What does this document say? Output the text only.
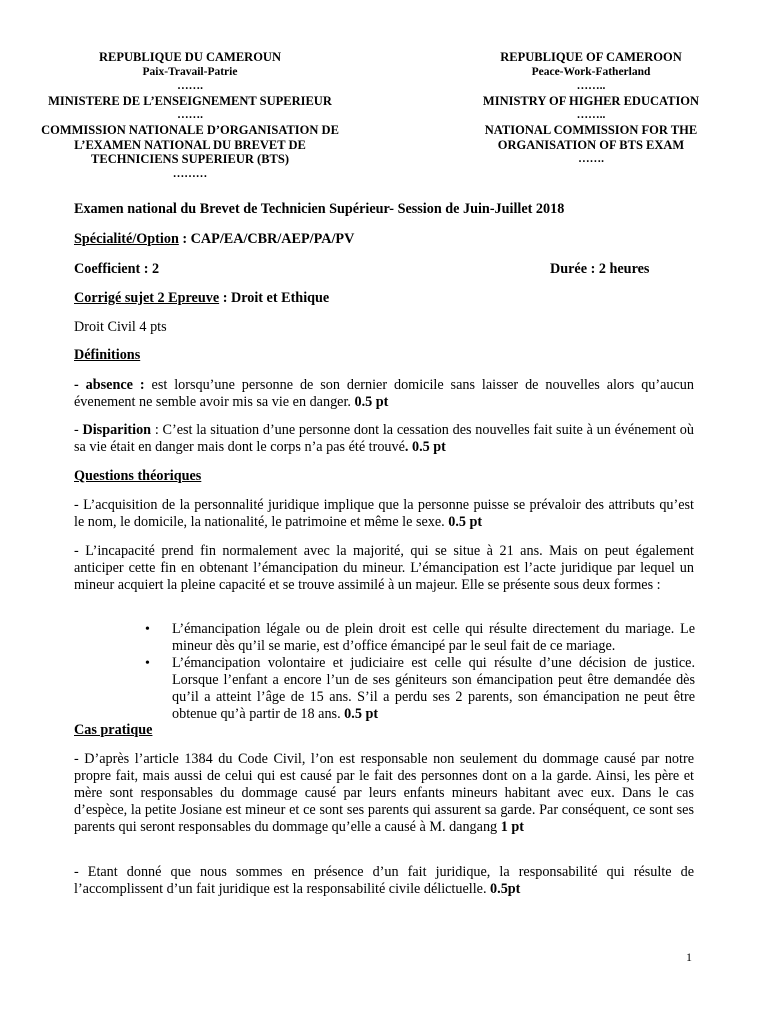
REPUBLIQUE DU CAMEROUN
Paix-Travail-Patrie
…….
MINISTERE DE L’ENSEIGNEMENT SUPERIEUR
…….
COMMISSION NATIONALE D’ORGANISATION DE
L’EXAMEN NATIONAL DU BREVET DE
TECHNICIENS SUPERIEUR (BTS)
………
REPUBLIQUE OF CAMEROON
Peace-Work-Fatherland
……..
MINISTRY OF HIGHER EDUCATION
……..
NATIONAL COMMISSION FOR THE
ORGANISATION OF BTS EXAM
…….
Examen national du Brevet de Technicien Supérieur- Session de Juin-Juillet 2018
Spécialité/Option : CAP/EA/CBR/AEP/PA/PV
Coefficient : 2	Durée : 2 heures
Corrigé sujet 2 Epreuve : Droit et Ethique
Droit Civil 4 pts
Définitions
- absence : est lorsqu’une personne de son dernier domicile sans laisser de nouvelles alors qu’aucun évenement ne semble avoir mis sa vie en danger. 0.5 pt
- Disparition : C’est la situation d’une personne dont la cessation des nouvelles fait suite à un événement où sa vie était en danger mais dont le corps n’a pas été trouvé. 0.5 pt
Questions théoriques
- L’acquisition de la personnalité juridique implique que la personne puisse se prévaloir des attributs qu’est le nom, le domicile, la nationalité, le patrimoine et même le sexe. 0.5 pt
- L’incapacité prend fin normalement avec la majorité, qui se situe à 21 ans. Mais on peut également anticiper cette fin en obtenant l’émancipation du mineur. L’émancipation est l’acte juridique par lequel un mineur acquiert la pleine capacité et se trouve assimilé à un majeur. Elle se présente sous deux formes :
• L’émancipation légale ou de plein droit est celle qui résulte directement du mariage. Le mineur dès qu’il se marie, est d’office émancipé par le seul fait de ce mariage.
• L’émancipation volontaire et judiciaire est celle qui résulte d’une décision de justice. Lorsque l’enfant a encore l’un de ses géniteurs son émancipation peut être demandée dès qu’il a atteint l’âge de 15 ans. S’il a perdu ses 2 parents, son émancipation ne peut être obtenue qu’à partir de 18 ans. 0.5 pt
Cas pratique
- D’après l’article 1384 du Code Civil, l’on est responsable non seulement du dommage causé par notre propre fait, mais aussi de celui qui est causé par le fait des personnes dont on a la garde. Ainsi, les père et mère sont responsables du dommage causé par leurs enfants mineurs habitant avec eux. Dans le cas d’espèce, la petite Josiane est mineur et ce sont ses parents qui assurent sa garde. Par conséquent, ce sont ses parents qui seront responsables du dommage qu’elle a causé à M. dangang 1 pt
- Etant donné que nous sommes en présence d’un fait juridique, la responsabilité qui résulte de l’accomplissent d’un fait juridique est la responsabilité civile délictuelle. 0.5pt
1
